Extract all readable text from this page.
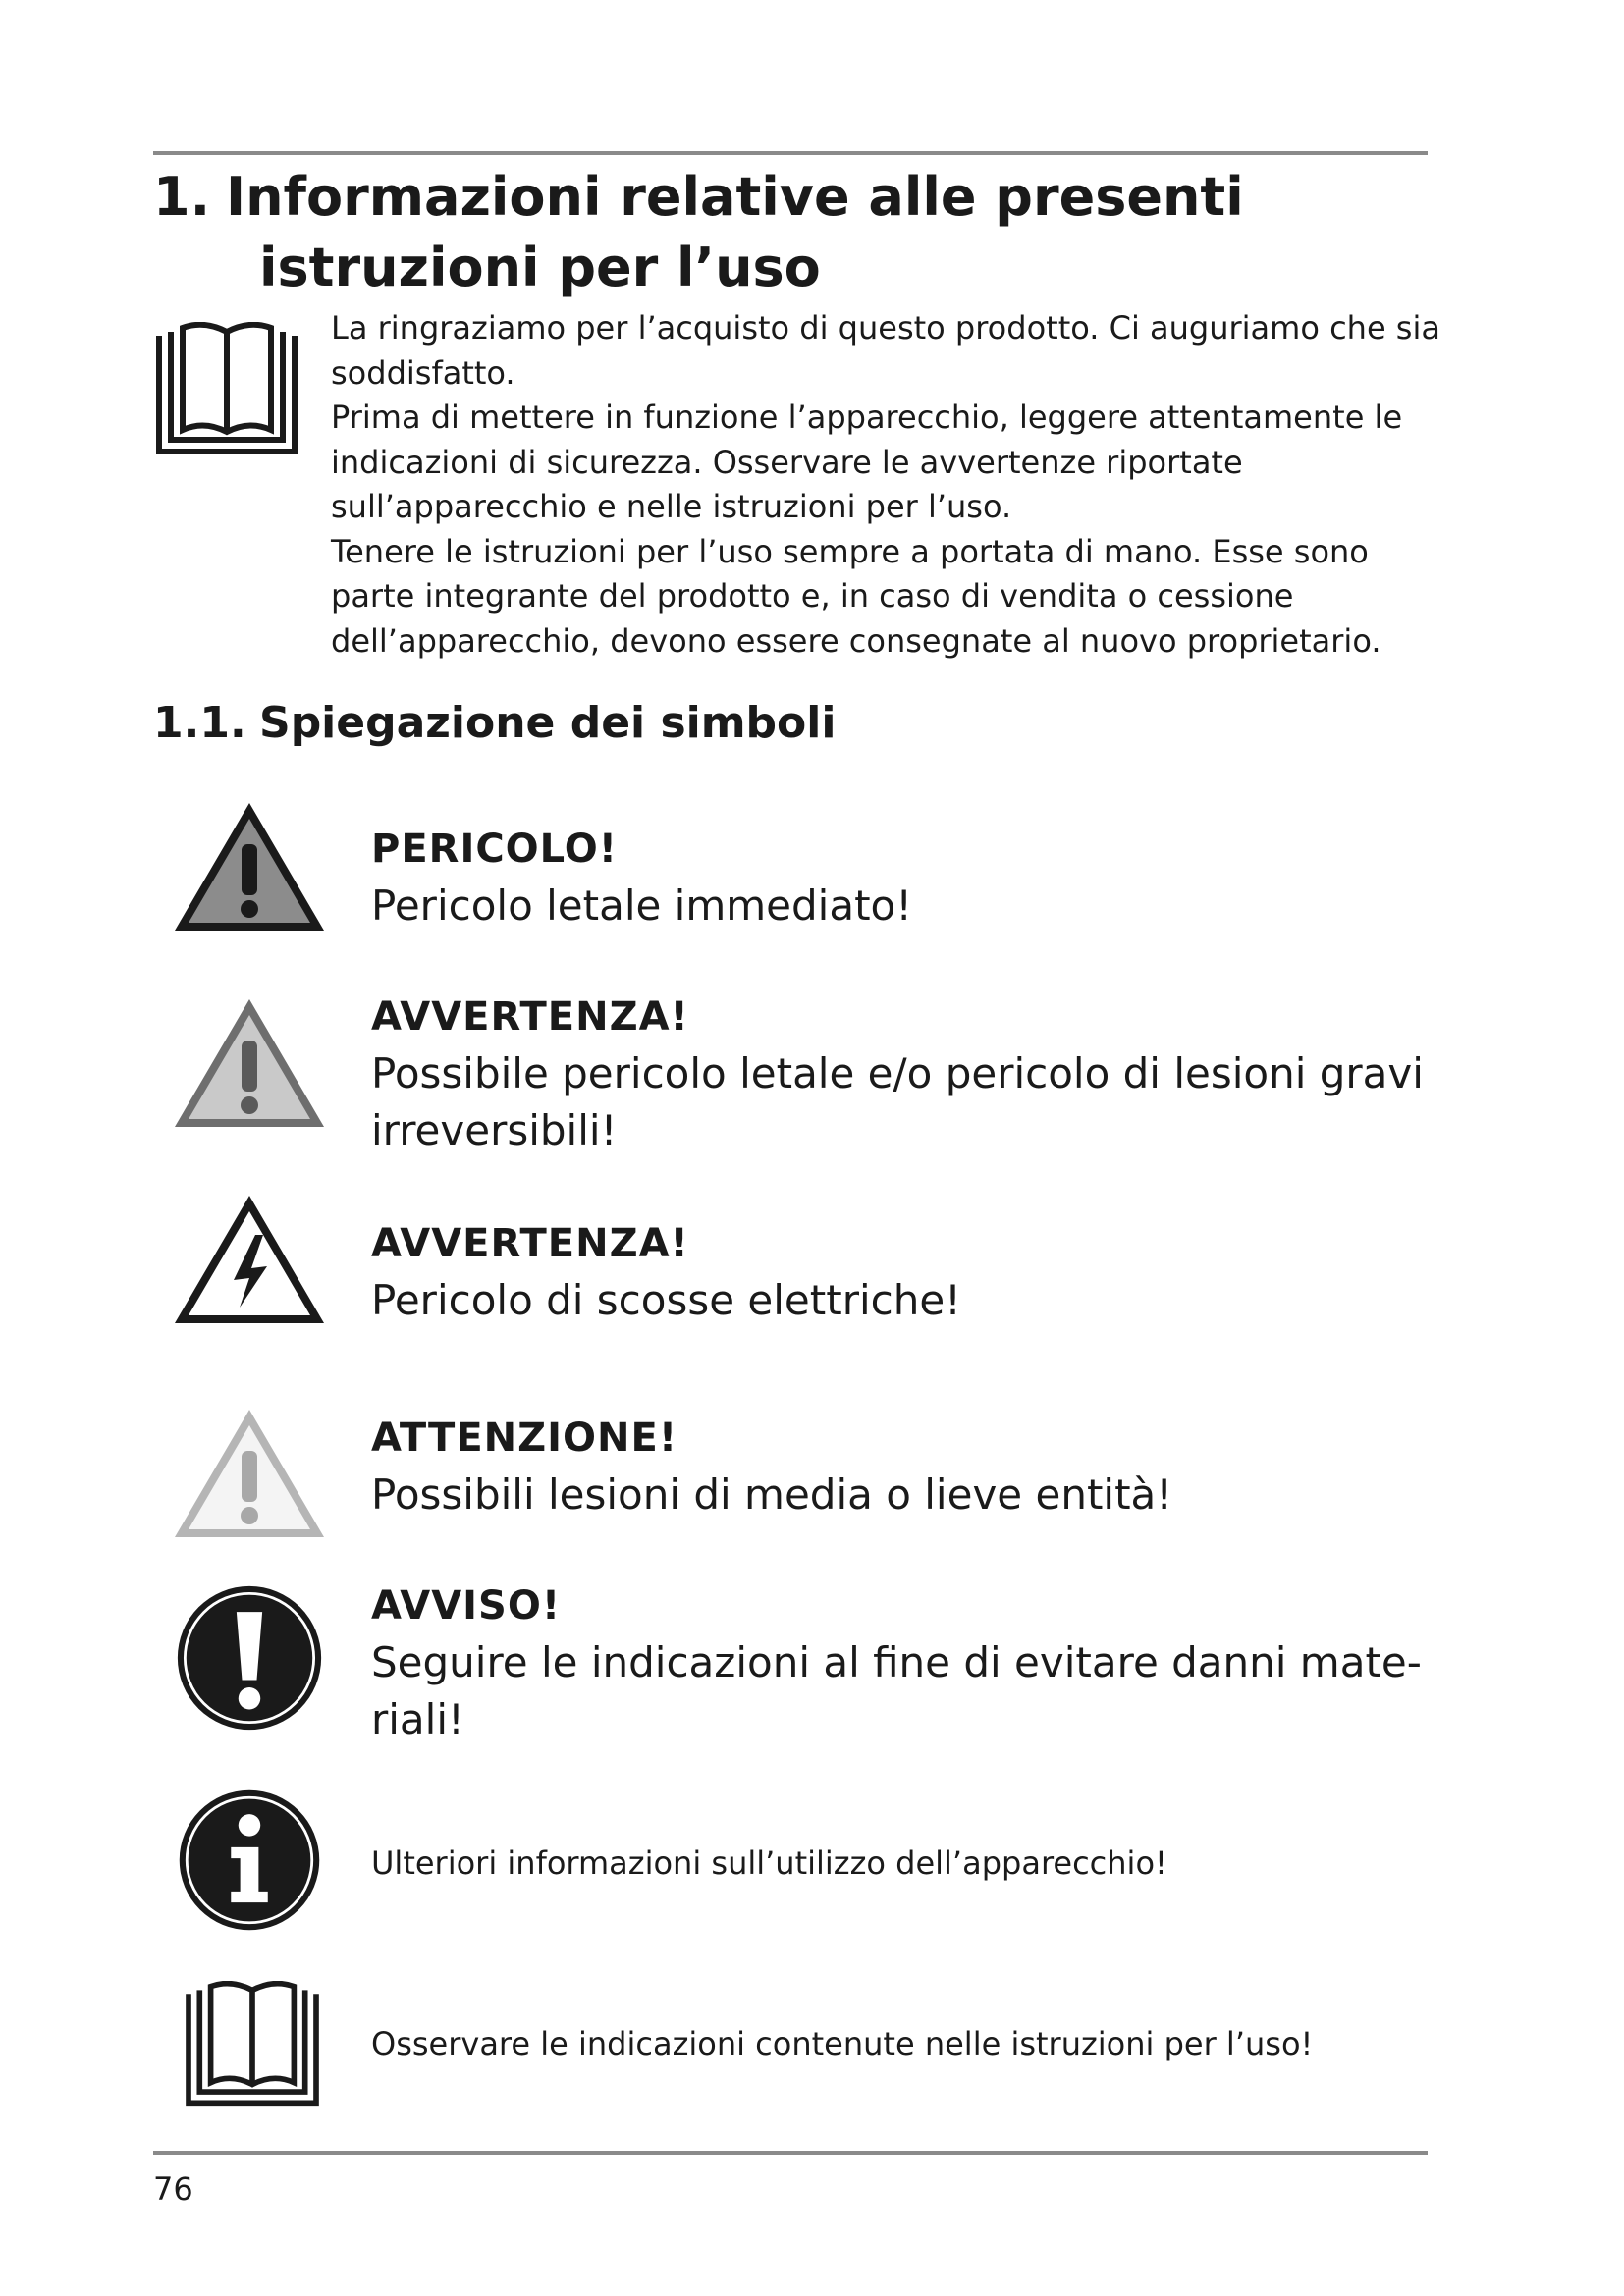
1. Informazioni relative alle presenti
istruzioni per l’uso

La ringraziamo per l’acquisto di questo prodotto. Ci auguriamo che sia soddisfatto.

Prima di mettere in funzione l’apparecchio, leggere attentamente le indicazioni di sicurezza. Osservare le avvertenze riportate sull’apparecchio e nelle istruzioni per l’uso.

Tenere le istruzioni per l’uso sempre a portata di mano. Esse sono parte integrante del prodotto e, in caso di vendita o cessione dell’apparecchio, devono essere consegnate al nuovo proprietario.

1.1. Spiegazione dei simboli
PERICOLO!
Pericolo letale immediato!
AVVERTENZA!
Possibile pericolo letale e/o pericolo di lesioni gravi irreversibili!
AVVERTENZA!
Pericolo di scosse elettriche!
ATTENZIONE!
Possibili lesioni di media o lieve entità!
AVVISO!
Seguire le indicazioni al fine di evitare danni materiali!
Ulteriori informazioni sull’utilizzo dell’apparecchio!
Osservare le indicazioni contenute nelle istruzioni per l’uso!
76
